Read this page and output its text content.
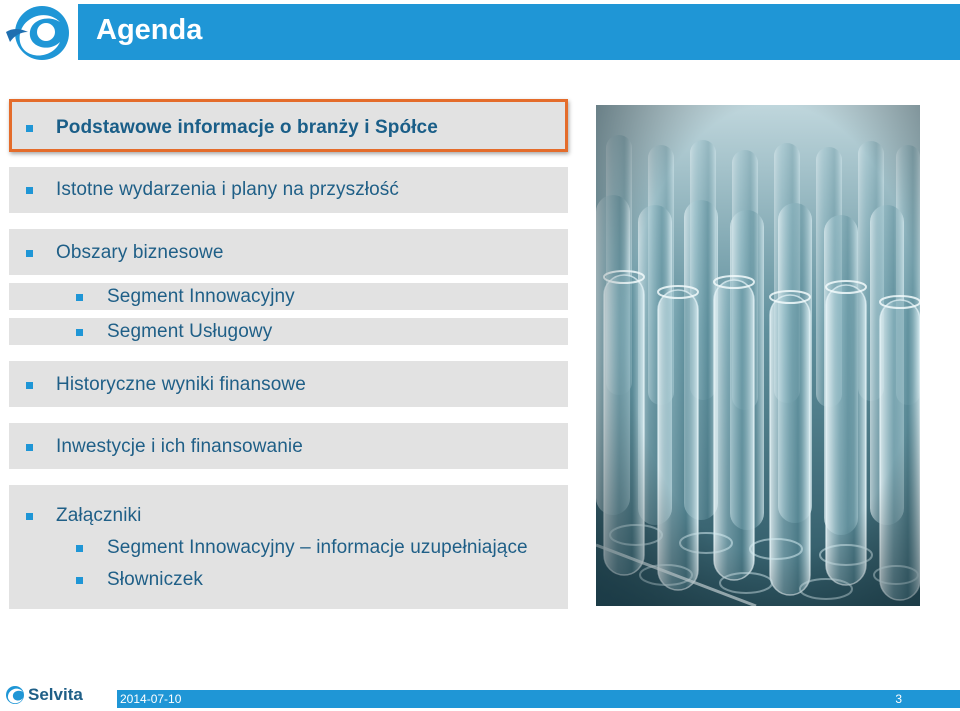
Agenda
Podstawowe informacje o branży i Spółce
Istotne wydarzenia i plany na przyszłość
Obszary biznesowe
Segment Innowacyjny
Segment Usługowy
Historyczne wyniki finansowe
Inwestycje i ich finansowanie
Załączniki
Segment Innowacyjny – informacje uzupełniające
Słowniczek
Selvita	2014-07-10	3
